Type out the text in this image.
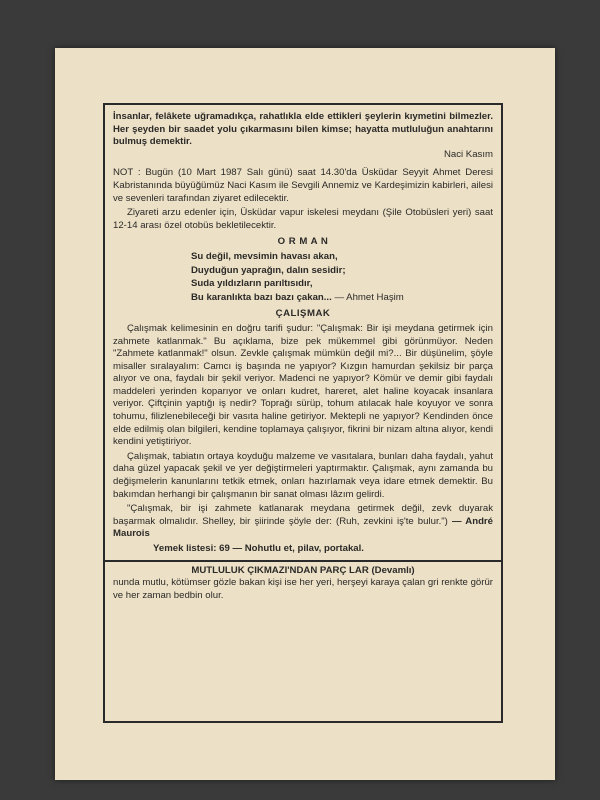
İnsanlar, felâkete uğramadıkça, rahatlıkla elde ettikleri şeylerin kıymetini bilmezler. Her şeyden bir saadet yolu çıkarmasını bilen kimse; hayatta mutluluğun anahtarını bulmuş demektir.

Naci Kasım

NOT : Bugün (10 Mart 1987 Salı günü) saat 14.30'da Üsküdar Seyyit Ahmet Deresi Kabristanında büyüğümüz Naci Kasım ile Sevgili Annemiz ve Kardeşimizin kabirleri, ailesi ve sevenleri tarafından ziyaret edilecektir.

Ziyareti arzu edenler için, Üsküdar vapur iskelesi meydanı (Şile Otobüsleri yeri) saat 12-14 arası özel otobüs bekletilecektir.

O R M A N
Su değil, mevsimin havası akan,
Duyduğun yaprağın, dalın sesidir;
Suda yıldızların parıltısıdır,
Bu karanlıkta bazı bazı çakan... — Ahmet Haşim
ÇALIŞMAK

Çalışmak kelimesinin en doğru tarifi şudur: "Çalışmak: Bir işi meydana getirmek için zahmete katlanmak." Bu açıklama, bize pek mükemmel gibi görünmüyor. Neden "Zahmete katlanmak!" olsun. Zevkle çalışmak mümkün değil mi?... Bir düşünelim, şöyle misaller sıralayalım: Camcı iş başında ne yapıyor? Kızgın hamurdan şekilsiz bir parça alıyor ve ona, faydalı bir şekil veriyor. Madenci ne yapıyor? Kömür ve demir gibi faydalı maddeleri yerinden koparıyor ve onları kudret, hareret, alet haline koyacak insanlara veriyor. Çiftçinin yaptığı iş nedir? Toprağı sürüp, tohum atılacak hale koyuyor ve sonra tohumu, filizlenebileceği bir vasıta haline getiriyor. Mektepli ne yapıyor? Kendinden önce elde edilmiş olan bilgileri, kendine toplamaya çalışıyor, fikrini bir nizam altına alıyor, kendi kendini yetiştiriyor.

Çalışmak, tabiatın ortaya koyduğu malzeme ve vasıtalara, bunları daha faydalı, yahut daha güzel yapacak şekil ve yer değiştirmeleri yaptırmaktır. Çalışmak, aynı zamanda bu değişmelerin kanunlarını tetkik etmek, onları hazırlamak veya idare etmek demektir. Bu bakımdan herhangi bir çalışmanın bir sanat olması lâzım gelirdi.

"Çalışmak, bir işi zahmete katlanarak meydana getirmek değil, zevk duyarak başarmak olmalıdır. Shelley, bir şiirinde şöyle der: (Ruh, zevkini iş'te bulur.") — André Maurois

Yemek listesi: 69 — Nohutlu et, pilav, portakal.

MUTLULUK ÇIKMAZI'NDAN PARÇ LAR (Devamlı)

nunda mutlu, kötümser gözle bakan kişi ise her yeri, herşeyi karaya çalan gri renkte görür ve her zaman bedbin olur.
